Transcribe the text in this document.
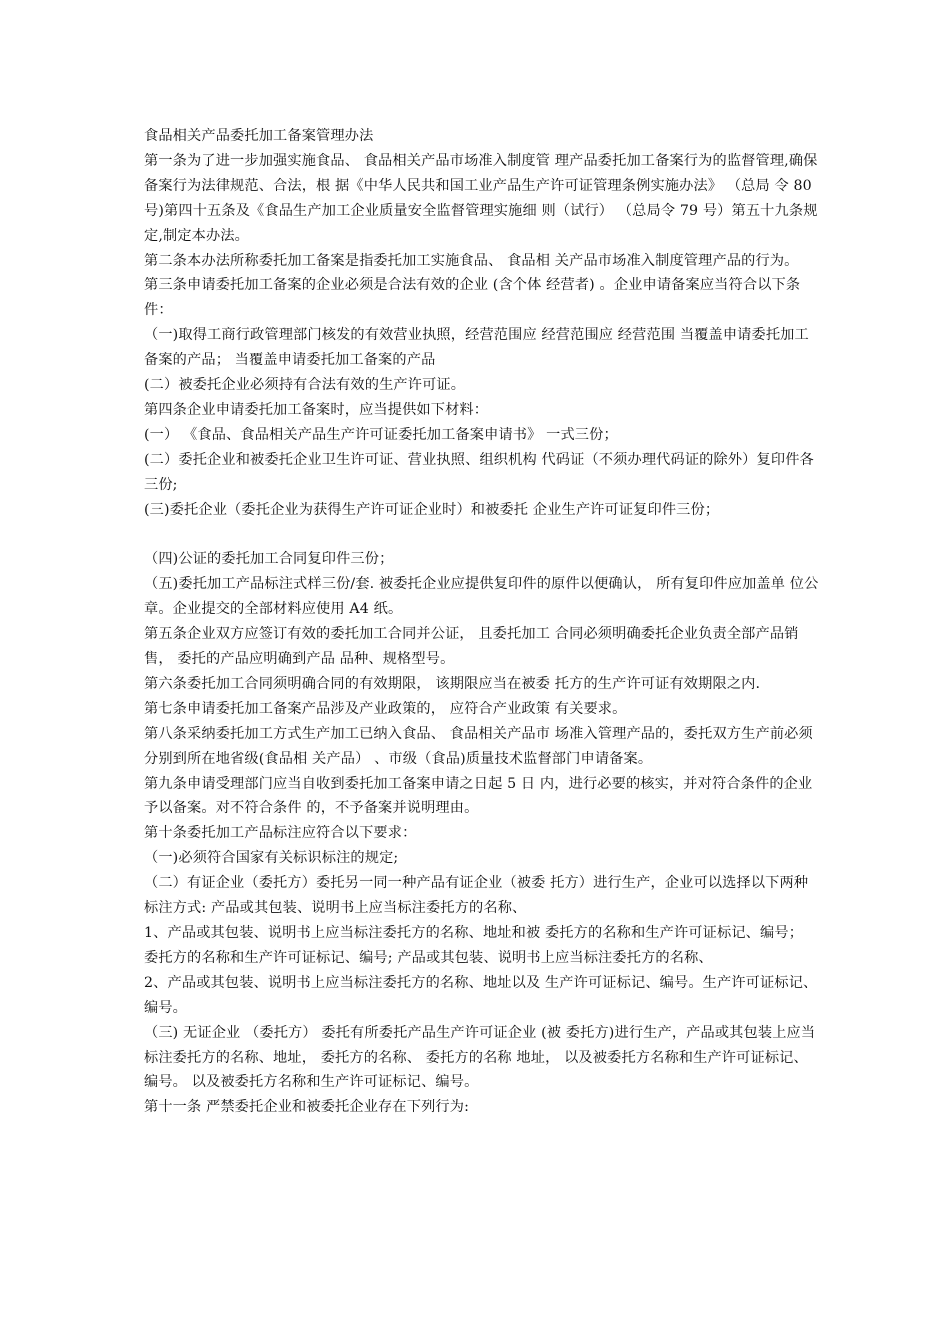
食品相关产品委托加工备案管理办法

第一条为了进一步加强实施食品、 食品相关产品市场准入制度管 理产品委托加工备案行为的监督管理,确保备案行为法律规范、合法，根 据《中华人民共和国工业产品生产许可证管理条例实施办法》 （总局 令 80 号)第四十五条及《食品生产加工企业质量安全监督管理实施细 则（试行） （总局令 79 号）第五十九条规定,制定本办法。

第二条本办法所称委托加工备案是指委托加工实施食品、 食品相 关产品市场准入制度管理产品的行为。

第三条申请委托加工备案的企业必须是合法有效的企业 (含个体 经营者) 。企业申请备案应当符合以下条件：

（一)取得工商行政管理部门核发的有效营业执照，经营范围应 经营范围应 经营范围 当覆盖申请委托加工备案的产品； 当覆盖申请委托加工备案的产品

(二）被委托企业必须持有合法有效的生产许可证。

第四条企业申请委托加工备案时，应当提供如下材料：

(一） 《食品、食品相关产品生产许可证委托加工备案申请书》 一式三份；

(二）委托企业和被委托企业卫生许可证、营业执照、组织机构 代码证（不须办理代码证的除外）复印件各三份;

(三)委托企业（委托企业为获得生产许可证企业时）和被委托 企业生产许可证复印件三份；

（四)公证的委托加工合同复印件三份；

（五)委托加工产品标注式样三份/套. 被委托企业应提供复印件的原件以便确认， 所有复印件应加盖单 位公章。企业提交的全部材料应使用 A4 纸。

第五条企业双方应签订有效的委托加工合同并公证， 且委托加工 合同必须明确委托企业负责全部产品销售， 委托的产品应明确到产品 品种、规格型号。

第六条委托加工合同须明确合同的有效期限， 该期限应当在被委 托方的生产许可证有效期限之内.

第七条申请委托加工备案产品涉及产业政策的， 应符合产业政策 有关要求。

第八条采纳委托加工方式生产加工已纳入食品、 食品相关产品市 场准入管理产品的，委托双方生产前必须分别到所在地省级(食品相 关产品） 、市级（食品)质量技术监督部门申请备案。

第九条申请受理部门应当自收到委托加工备案申请之日起 5 日 内，进行必要的核实，并对符合条件的企业予以备案。对不符合条件 的，不予备案并说明理由。

第十条委托加工产品标注应符合以下要求：

（一)必须符合国家有关标识标注的规定;

（二）有证企业（委托方）委托另一同一种产品有证企业（被委 托方）进行生产，企业可以选择以下两种标注方式: 产品或其包装、说明书上应当标注委托方的名称、

1、产品或其包装、说明书上应当标注委托方的名称、地址和被 委托方的名称和生产许可证标记、编号； 委托方的名称和生产许可证标记、编号; 产品或其包装、说明书上应当标注委托方的名称、

2、产品或其包装、说明书上应当标注委托方的名称、地址以及 生产许可证标记、编号。生产许可证标记、编号。

（三) 无证企业 （委托方） 委托有所委托产品生产许可证企业 (被 委托方)进行生产，产品或其包装上应当标注委托方的名称、地址， 委托方的名称、 委托方的名称 地址， 以及被委托方名称和生产许可证标记、编号。 以及被委托方名称和生产许可证标记、编号。

第十一条 严禁委托企业和被委托企业存在下列行为:
